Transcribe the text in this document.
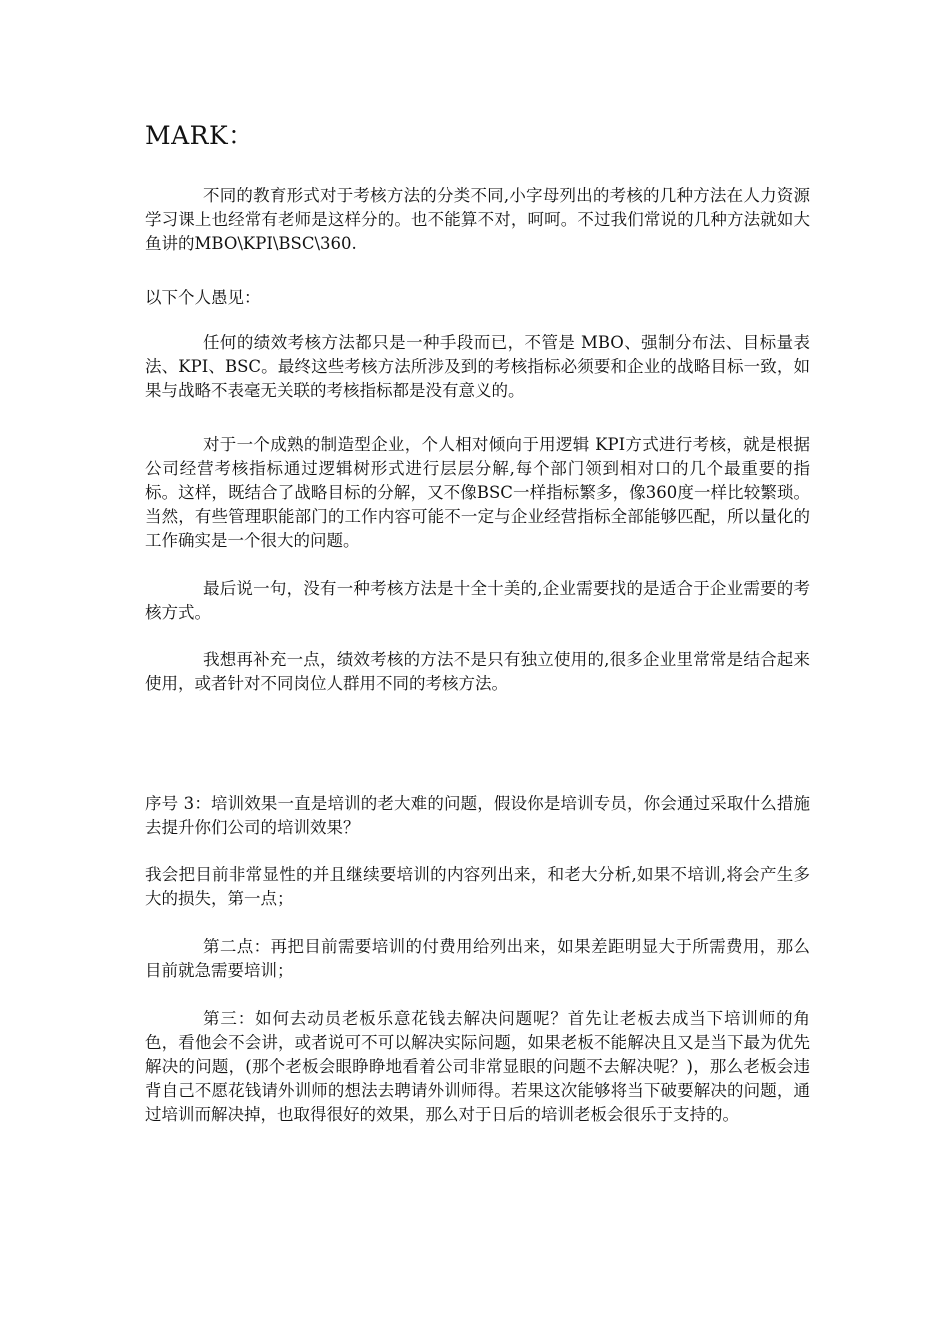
MARK：

不同的教育形式对于考核方法的分类不同,小字母列出的考核的几种方法在人力资源学习课上也经常有老师是这样分的。也不能算不对，呵呵。不过我们常说的几种方法就如大鱼讲的MBO\KPI\BSC\360.

以下个人愚见：

任何的绩效考核方法都只是一种手段而已，不管是 MBO、强制分布法、目标量表法、KPI、BSC。最终这些考核方法所涉及到的考核指标必须要和企业的战略目标一致，如果与战略不表毫无关联的考核指标都是没有意义的。

对于一个成熟的制造型企业，个人相对倾向于用逻辑 KPI方式进行考核，就是根据公司经营考核指标通过逻辑树形式进行层层分解,每个部门领到相对口的几个最重要的指标。这样，既结合了战略目标的分解，又不像BSC一样指标繁多，像360度一样比较繁琐。当然，有些管理职能部门的工作内容可能不一定与企业经营指标全部能够匹配，所以量化的工作确实是一个很大的问题。

最后说一句，没有一种考核方法是十全十美的,企业需要找的是适合于企业需要的考核方式。

我想再补充一点，绩效考核的方法不是只有独立使用的,很多企业里常常是结合起来使用，或者针对不同岗位人群用不同的考核方法。

序号 3：培训效果一直是培训的老大难的问题，假设你是培训专员，你会通过采取什么措施去提升你们公司的培训效果？

我会把目前非常显性的并且继续要培训的内容列出来，和老大分析,如果不培训,将会产生多大的损失，第一点；

第二点：再把目前需要培训的付费用给列出来，如果差距明显大于所需费用，那么目前就急需要培训；

第三：如何去动员老板乐意花钱去解决问题呢？首先让老板去成当下培训师的角色，看他会不会讲，或者说可不可以解决实际问题，如果老板不能解决且又是当下最为优先解决的问题，(那个老板会眼睁睁地看着公司非常显眼的问题不去解决呢？)，那么老板会违背自己不愿花钱请外训师的想法去聘请外训师得。若果这次能够将当下破要解决的问题，通过培训而解决掉，也取得很好的效果，那么对于日后的培训老板会很乐于支持的。
